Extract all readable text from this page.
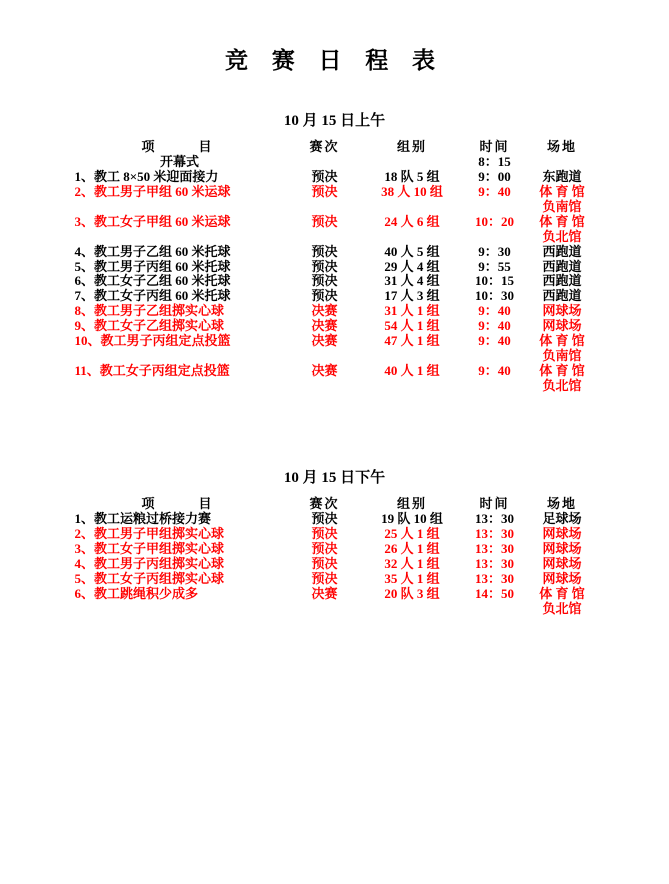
竞 赛 日 程 表
10 月 15 日上午
项　　目	赛次	组别	时间	场地
开幕式			8：15	
1、教工 8×50 米迎面接力	预决	18 队 5 组	9：00	东跑道
2、教工男子甲组 60 米运球	预决	38 人 10 组	9：40	体 育 馆
负南馆
3、教工女子甲组 60 米运球	预决	24 人 6 组	10：20	体 育 馆
负北馆
4、教工男子乙组 60 米托球	预决	40 人 5 组	9：30	西跑道
5、教工男子丙组 60 米托球	预决	29 人 4 组	9：55	西跑道
6、教工女子乙组 60 米托球	预决	31 人 4 组	10：15	西跑道
7、教工女子丙组 60 米托球	预决	17 人 3 组	10：30	西跑道
8、教工男子乙组掷实心球	决赛	31 人 1 组	9：40	网球场
9、教工女子乙组掷实心球	决赛	54 人 1 组	9：40	网球场
10、教工男子丙组定点投篮	决赛	47 人 1 组	9：40	体 育 馆
负南馆
11、教工女子丙组定点投篮	决赛	40 人 1 组	9：40	体 育 馆
负北馆
10 月 15 日下午
项　　目	赛次	组别	时间	场地
1、教工运粮过桥接力赛	预决	19 队 10 组	13：30	足球场
2、教工男子甲组掷实心球	预决	25 人 1 组	13：30	网球场
3、教工女子甲组掷实心球	预决	26 人 1 组	13：30	网球场
4、教工男子丙组掷实心球	预决	32 人 1 组	13：30	网球场
5、教工女子丙组掷实心球	预决	35 人 1 组	13：30	网球场
6、教工跳绳积少成多	决赛	20 队 3 组	14：50	体 育 馆
负北馆
